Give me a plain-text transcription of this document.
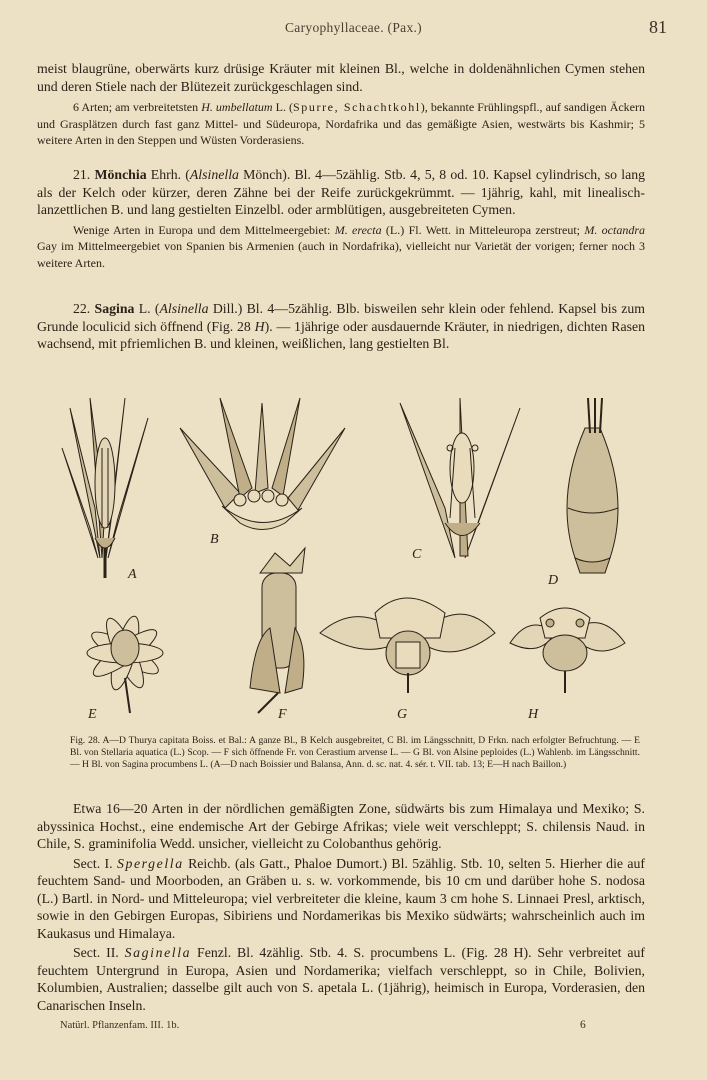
Caryophyllaceae. (Pax.)	81

meist blaugrüne, oberwärts kurz drüsige Kräuter mit kleinen Bl., welche in doldenähnlichen Cymen stehen und deren Stiele nach der Blütezeit zurückgeschlagen sind.

6 Arten; am verbreitetsten H. umbellatum L. (Spurre, Schachtkohl), bekannte Frühlingspfl., auf sandigen Äckern und Grasplätzen durch fast ganz Mittel- und Südeuropa, Nordafrika und das gemäßigte Asien, westwärts bis Kashmir; 5 weitere Arten in den Steppen und Wüsten Vorderasiens.

21. Mönchia Ehrh. (Alsinella Mönch). Bl. 4—5zählig. Stb. 4, 5, 8 od. 10. Kapsel cylindrisch, so lang als der Kelch oder kürzer, deren Zähne bei der Reife zurückgekrümmt. — 1jährig, kahl, mit linealisch-lanzettlichen B. und lang gestielten Einzelbl. oder armblütigen, ausgebreiteten Cymen.

Wenige Arten in Europa und dem Mittelmeergebiet: M. erecta (L.) Fl. Wett. in Mitteleuropa zerstreut; M. octandra Gay im Mittelmeergebiet von Spanien bis Armenien (auch in Nordafrika), vielleicht nur Varietät der vorigen; ferner noch 3 weitere Arten.

22. Sagina L. (Alsinella Dill.) Bl. 4—5zählig. Blb. bisweilen sehr klein oder fehlend. Kapsel bis zum Grunde loculicid sich öffnend (Fig. 28 H). — 1jährige oder ausdauernde Kräuter, in niedrigen, dichten Rasen wachsend, mit pfriemlichen B. und kleinen, weißlichen, lang gestielten Bl.

A
B
C
D
E	F	G	H
Fig. 28. A—D Thurya capitata Boiss. et Bal.: A ganze Bl., B Kelch ausgebreitet, C Bl. im Längsschnitt, D Frkn. nach erfolgter Befruchtung. — E Bl. von Stellaria aquatica (L.) Scop. — F sich öffnende Fr. von Cerastium arvense L. — G Bl. von Alsine peploides (L.) Wahlenb. im Längsschnitt. — H Bl. von Sagina procumbens L. (A—D nach Boissier und Balansa, Ann. d. sc. nat. 4. sér. t. VII. tab. 13; E—H nach Baillon.)

Etwa 16—20 Arten in der nördlichen gemäßigten Zone, südwärts bis zum Himalaya und Mexiko; S. abyssinica Hochst., eine endemische Art der Gebirge Afrikas; viele weit verschleppt; S. chilensis Naud. in Chile, S. graminifolia Wedd. unsicher, vielleicht zu Colobanthus gehörig.

Sect. I. Spergella Reichb. (als Gatt., Phaloe Dumort.) Bl. 5zählig. Stb. 10, selten 5. Hierher die auf feuchtem Sand- und Moorboden, an Gräben u. s. w. vorkommende, bis 10 cm und darüber hohe S. nodosa (L.) Bartl. in Nord- und Mitteleuropa; viel verbreiteter die kleine, kaum 3 cm hohe S. Linnaei Presl, arktisch, sowie in den Gebirgen Europas, Sibiriens und Nordamerikas bis Mexiko südwärts; wahrscheinlich auch im Kaukasus und Himalaya.

Sect. II. Saginella Fenzl. Bl. 4zählig. Stb. 4. S. procumbens L. (Fig. 28 H). Sehr verbreitet auf feuchtem Untergrund in Europa, Asien und Nordamerika; vielfach verschleppt, so in Chile, Bolivien, Kolumbien, Australien; dasselbe gilt auch von S. apetala L. (1jährig), heimisch in Europa, Vorderasien, den Canarischen Inseln.

Natürl. Pflanzenfam. III. 1b.	6
